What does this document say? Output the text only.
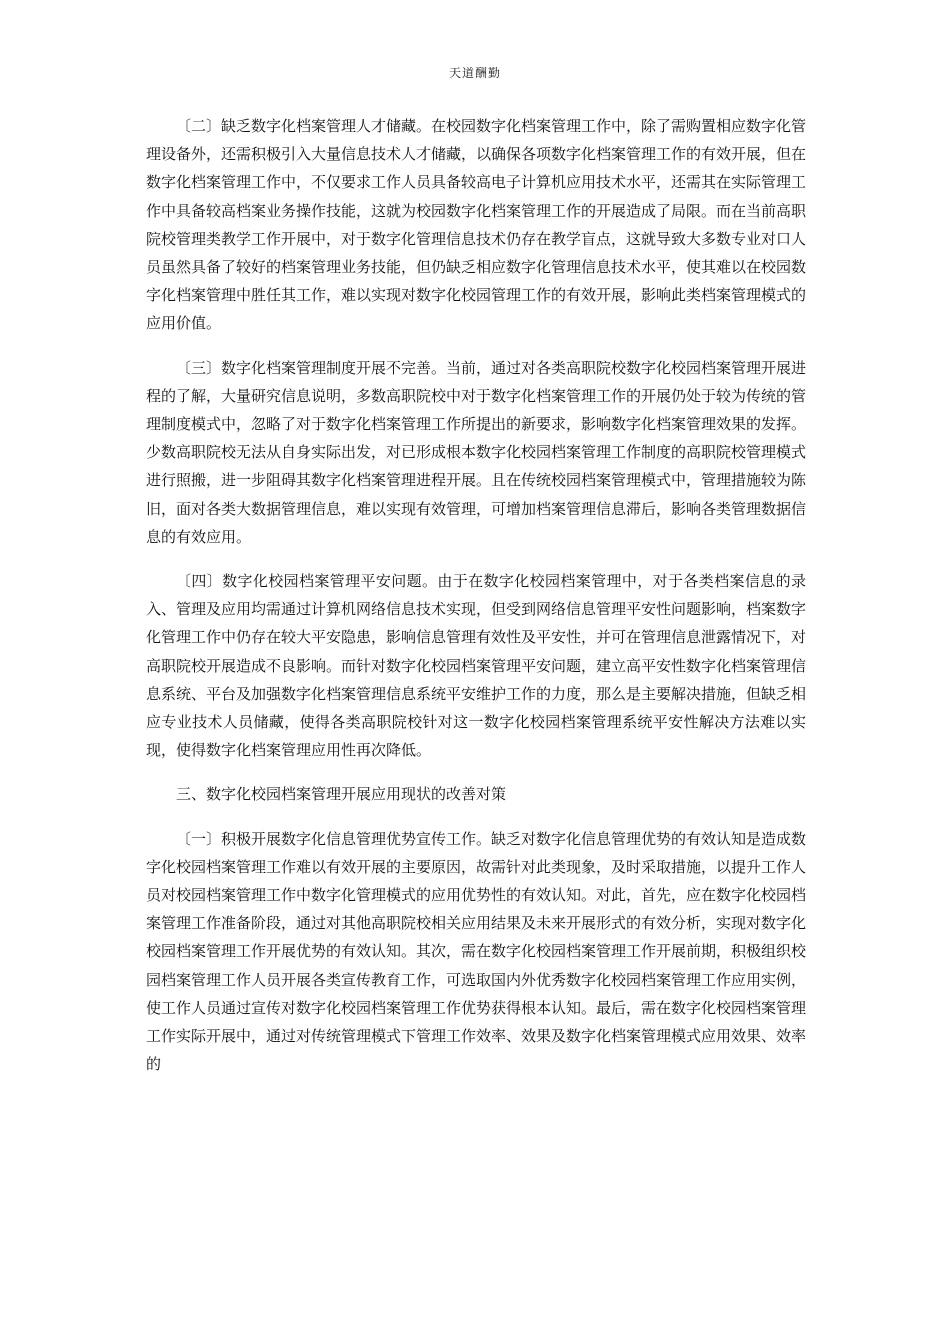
天道酬勤

〔二〕缺乏数字化档案管理人才储藏。在校园数字化档案管理工作中，除了需购置相应数字化管理设备外，还需积极引入大量信息技术人才储藏，以确保各项数字化档案管理工作的有效开展，但在数字化档案管理工作中，不仅要求工作人员具备较高电子计算机应用技术水平，还需其在实际管理工作中具备较高档案业务操作技能，这就为校园数字化档案管理工作的开展造成了局限。而在当前高职院校管理类教学工作开展中，对于数字化管理信息技术仍存在教学盲点，这就导致大多数专业对口人员虽然具备了较好的档案管理业务技能，但仍缺乏相应数字化管理信息技术水平，使其难以在校园数字化档案管理中胜任其工作，难以实现对数字化校园管理工作的有效开展，影响此类档案管理模式的应用价值。

〔三〕数字化档案管理制度开展不完善。当前，通过对各类高职院校数字化校园档案管理开展进程的了解，大量研究信息说明，多数高职院校中对于数字化档案管理工作的开展仍处于较为传统的管理制度模式中，忽略了对于数字化档案管理工作所提出的新要求，影响数字化档案管理效果的发挥。少数高职院校无法从自身实际出发，对已形成根本数字化校园档案管理工作制度的高职院校管理模式进行照搬，进一步阻碍其数字化档案管理进程开展。且在传统校园档案管理模式中，管理措施较为陈旧，面对各类大数据管理信息，难以实现有效管理，可增加档案管理信息滞后，影响各类管理数据信息的有效应用。

〔四〕数字化校园档案管理平安问题。由于在数字化校园档案管理中，对于各类档案信息的录入、管理及应用均需通过计算机网络信息技术实现，但受到网络信息管理平安性问题影响，档案数字化管理工作中仍存在较大平安隐患，影响信息管理有效性及平安性，并可在管理信息泄露情况下，对高职院校开展造成不良影响。而针对数字化校园档案管理平安问题，建立高平安性数字化档案管理信息系统、平台及加强数字化档案管理信息系统平安维护工作的力度，那么是主要解决措施，但缺乏相应专业技术人员储藏，使得各类高职院校针对这一数字化校园档案管理系统平安性解决方法难以实现，使得数字化档案管理应用性再次降低。

三、数字化校园档案管理开展应用现状的改善对策

〔一〕积极开展数字化信息管理优势宣传工作。缺乏对数字化信息管理优势的有效认知是造成数字化校园档案管理工作难以有效开展的主要原因，故需针对此类现象，及时采取措施，以提升工作人员对校园档案管理工作中数字化管理模式的应用优势性的有效认知。对此，首先，应在数字化校园档案管理工作准备阶段，通过对其他高职院校相关应用结果及未来开展形式的有效分析，实现对数字化校园档案管理工作开展优势的有效认知。其次，需在数字化校园档案管理工作开展前期，积极组织校园档案管理工作人员开展各类宣传教育工作，可选取国内外优秀数字化校园档案管理工作应用实例，使工作人员通过宣传对数字化校园档案管理工作优势获得根本认知。最后，需在数字化校园档案管理工作实际开展中，通过对传统管理模式下管理工作效率、效果及数字化档案管理模式应用效果、效率的
